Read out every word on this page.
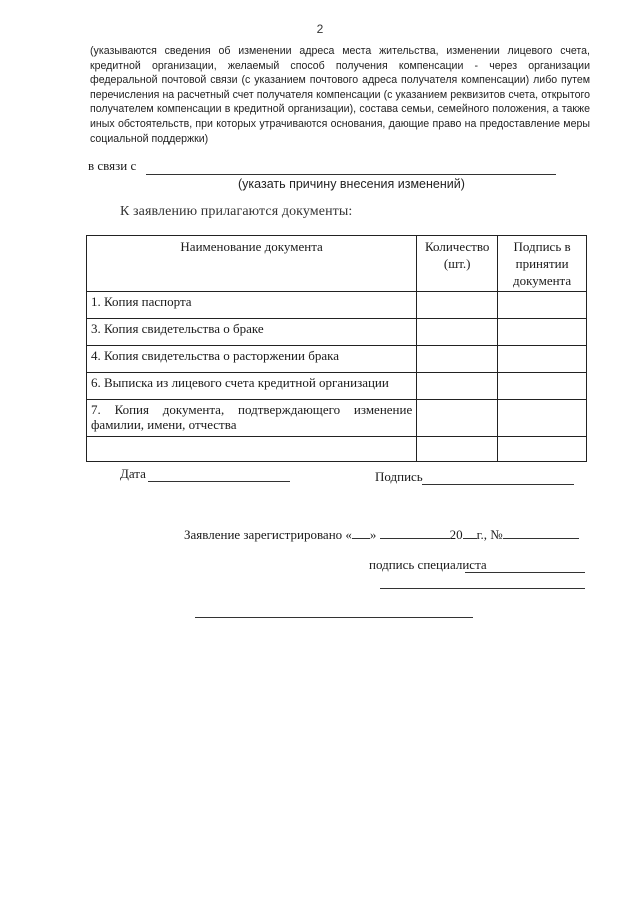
2
(указываются сведения об изменении адреса места жительства, изменении лицевого счета, кредитной организации, желаемый способ получения компенсации - через организации федеральной почтовой связи (с указанием почтового адреса получателя компенсации) либо путем перечисления на расчетный счет получателя компенсации (с указанием реквизитов счета, открытого получателем компенсации в кредитной организации), состава семьи, семейного положения, а также иных обстоятельств, при которых утрачиваются основания, дающие право на предоставление меры социальной поддержки)
в связи с
(указать причину внесения изменений)
К заявлению прилагаются документы:
Наименование документа	Количество (шт.)	Подпись в принятии документа
1. Копия паспорта		
3. Копия свидетельства о браке		
4. Копия свидетельства о расторжении брака		
6. Выписка из лицевого счета кредитной организации		
7. Копия документа, подтверждающего изменение фамилии, имени, отчества		

Дата	Подпись
Заявление зарегистрировано « »	20 г., №
подпись специалиста
